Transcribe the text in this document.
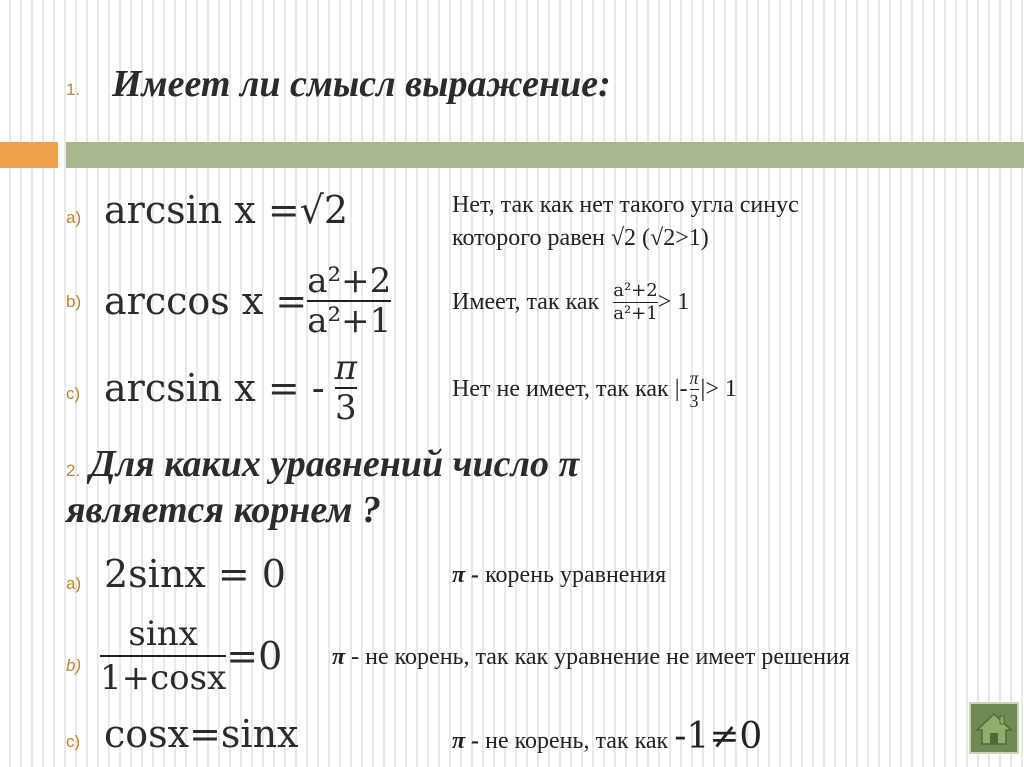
1. Имеет ли смысл выражение:
a) arcsin x =√2	Нет, так как нет такого угла синус
которого равен √2 (√2>1)
b) $\arccos x = \frac{\text{a²+2}}{\text{a²+1}}$	Имеет, так как $\frac{\text{a²+2}}{\text{a²+1}} > 1$
c) arcsin x = - $\frac{\pi}{3}$	Нет не имеет, так как |- $\frac{\pi}{3}$ |> 1
2. Для каких уравнений число π
является корнем ?
a) 2sinx = 0	π - корень уравнения
$b) \frac{\sin x}{1+\cos x} =0$ π - не корень, так как уравнение не имеет решения
c) cosx=sinx	π - не корень, так как -1≠0
